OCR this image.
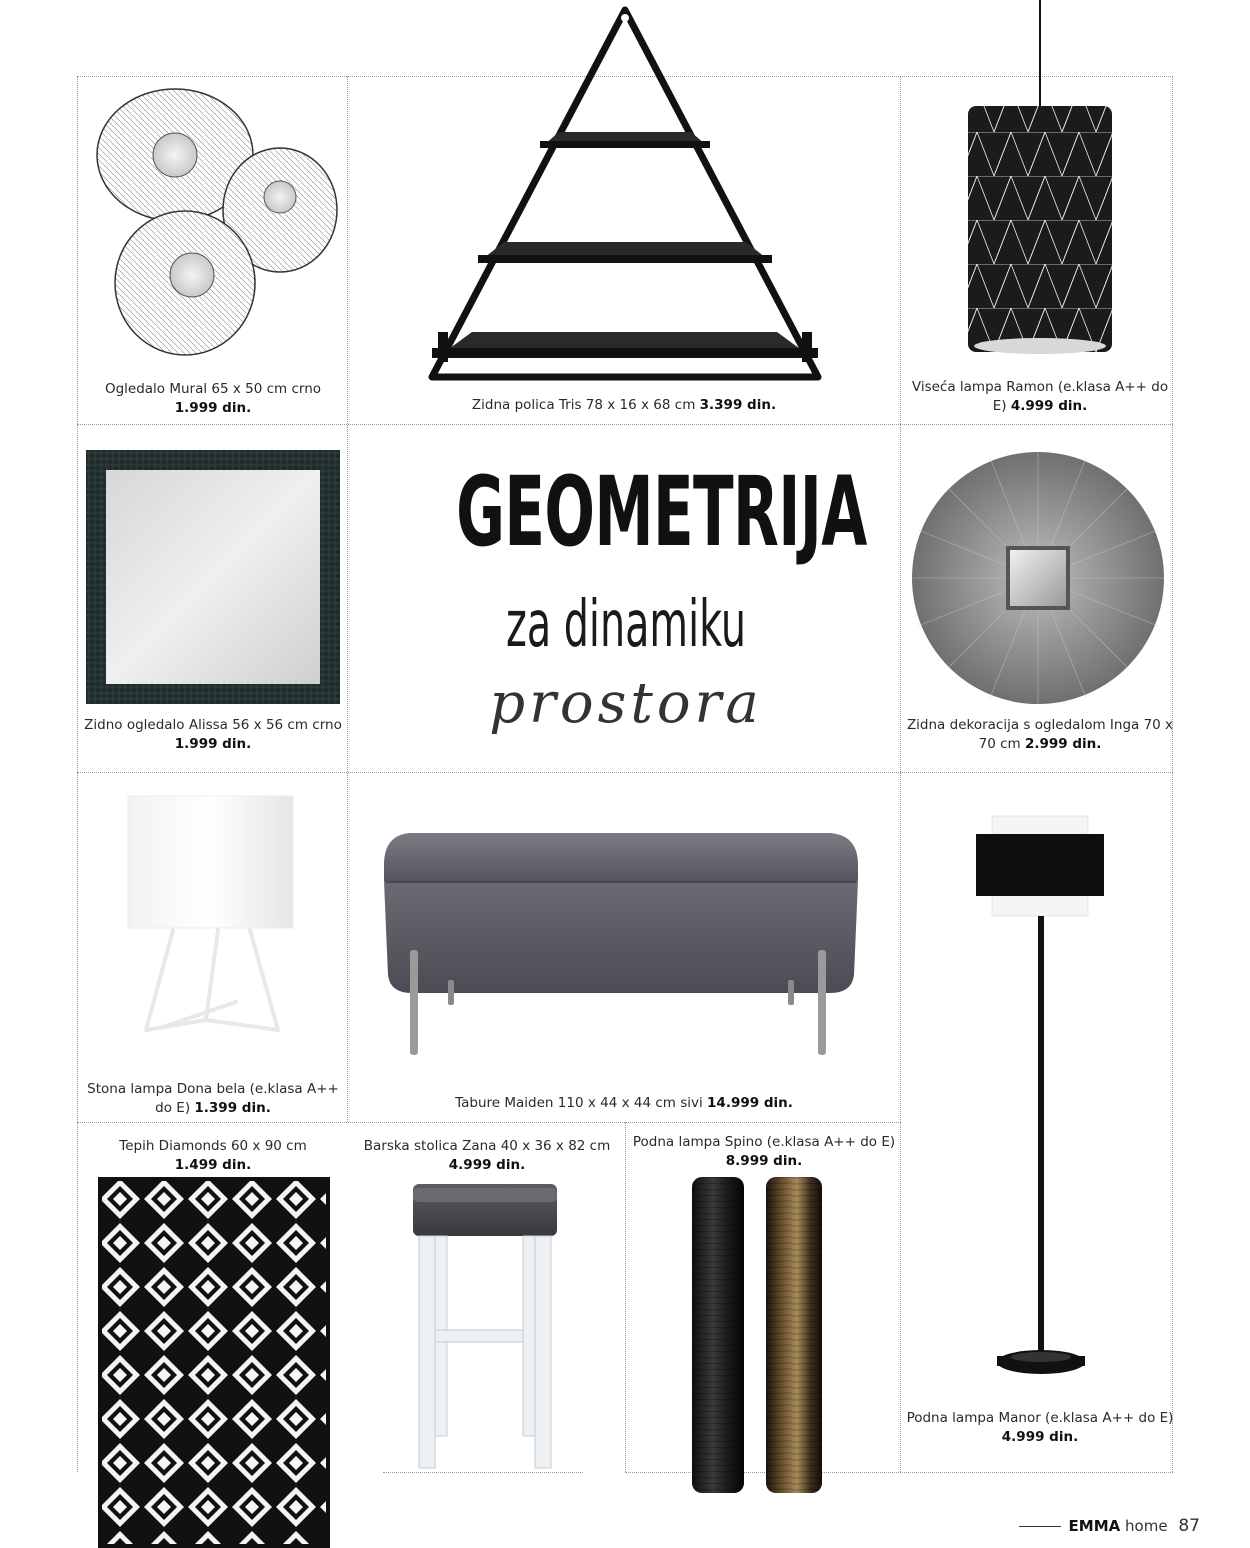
Ogledalo Mural 65 x 50 cm crno
1.999 din.	Zidna polica Tris 78 x 16 x 68 cm 3.399 din.
Viseća lampa Ramon (e.klasa A++ do E) 4.999 din.
Zidno ogledalo Alissa 56 x 56 cm crno 1.999 din.
GEOMETRIJA
za dinamiku
prostora	Zidna dekoracija s ogledalom Inga 70 x 70 cm 2.999 din.
Stona lampa Dona bela (e.klasa A++ do E) 1.399 din.	Tabure Maiden 110 x 44 x 44 cm sivi 14.999 din.
Tepih Diamonds 60 x 90 cm
1.499 din.
Barska stolica Zana 40 x 36 x 82 cm
4.999 din.
Podna lampa Spino (e.klasa A++ do E) 8.999 din.
Podna lampa Manor (e.klasa A++ do E)
4.999 din.
EMMA home 87
